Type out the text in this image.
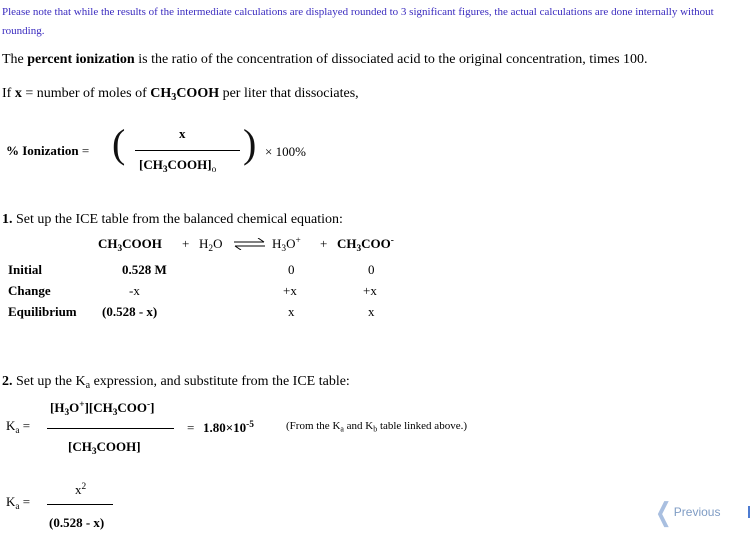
Please note that while the results of the intermediate calculations are displayed rounded to 3 significant figures, the actual calculations are done internally without rounding.
The percent ionization is the ratio of the concentration of dissociated acid to the original concentration, times 100.
If x = number of moles of $CH_3COOH$ per liter that dissociates,
% Ionization = (	x
$[CH_3COOH]_o$
) × 100%
1. Set up the ICE table from the balanced chemical equation:
$CH_3COOH + H_2O$ ⇌ $H_3O^+ + CH_3COO^-$
Initial	0.528 M	0	0
Change	-x	+x	+x
Equilibrium (0.528 - x)	x	x
2. Set up the $K_a$ expression, and substitute from the ICE table:
$K_a$ =
$[H_3O^+][CH_3COO^-]$
$[CH_3COOH]$
= $1.80\times 10^{-5}$	(From the $K_a$ and $K_b$ table linked above.)
$K_a$ =
$x^2$
(0.528 - x)	❮ Previous
